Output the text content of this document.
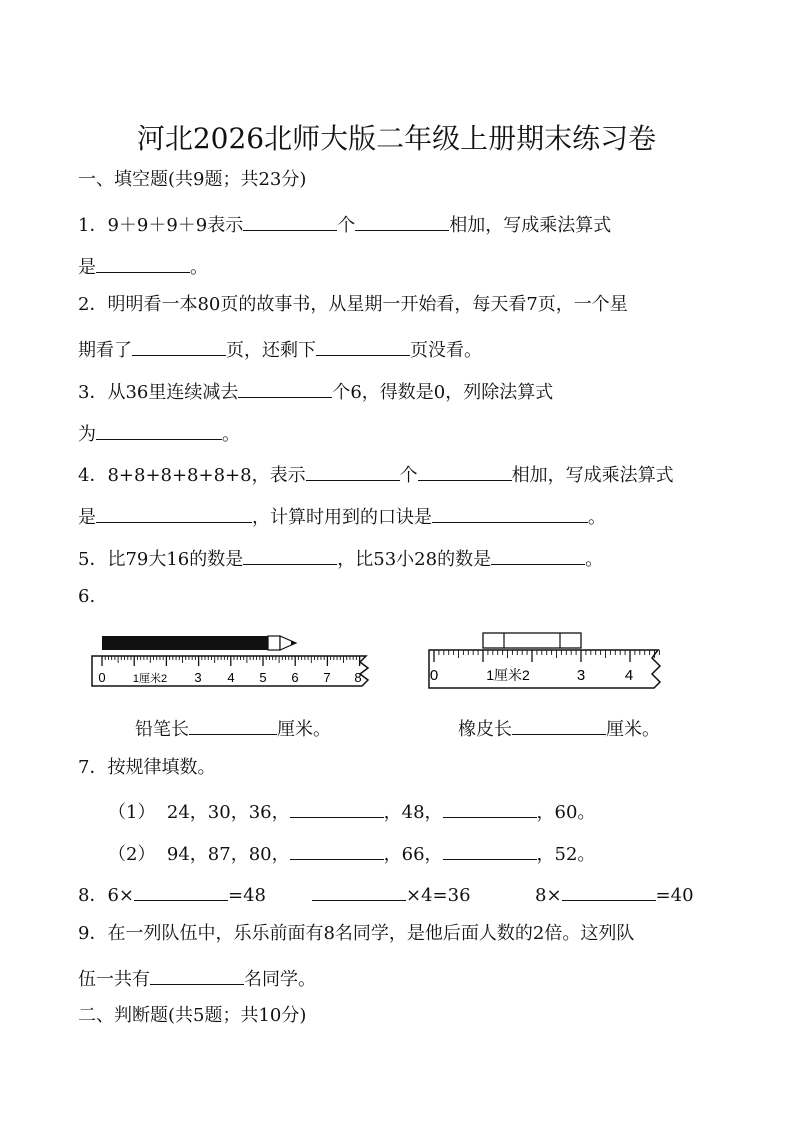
河北2026北师大版二年级上册期末练习卷
一、填空题(共9题；共23分)
1．9＋9＋9＋9表示	个	相加，写成乘法算式
是	。
2．明明看一本80页的故事书，从星期一开始看，每天看7页，一个星
期看了	页，还剩下	页没看。
3．从36里连续减去	个6，得数是0，列除法算式
为	。
4．8+8+8+8+8+8，表示	个	相加，写成乘法算式
是	，计算时用到的口诀是	。
5．比79大16的数是	，比53小28的数是	。
6.
0 1厘米2 3 4 5 6 7 8	0	1厘米2	3	4
铅笔长	厘米。	橡皮长	厘米。
7．按规律填数。
（1） 24，30，36，	，48，	，60。
（2） 94，87，80，	，66，	，52。
8．6×	=48	×4=36	8×	=40
9．在一列队伍中，乐乐前面有8名同学，是他后面人数的2倍。这列队
伍一共有	名同学。
二、判断题(共5题；共10分)
